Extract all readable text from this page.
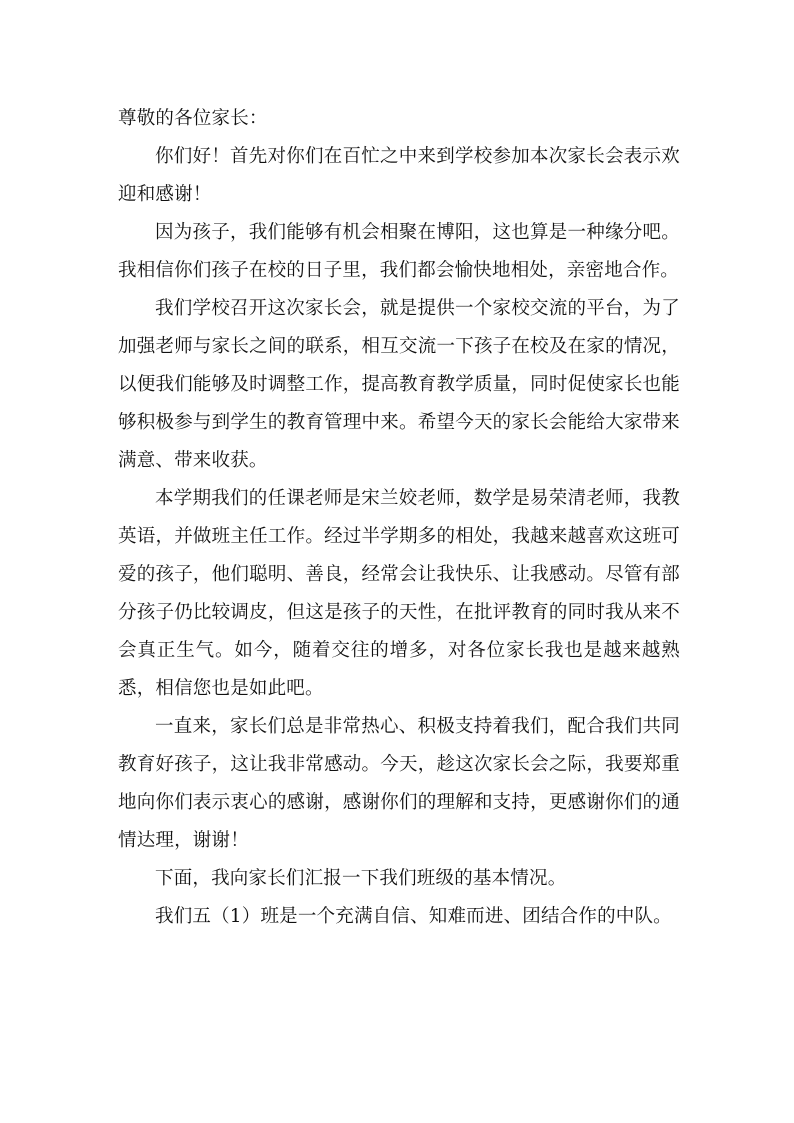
尊敬的各位家长：

你们好！首先对你们在百忙之中来到学校参加本次家长会表示欢迎和感谢！

因为孩子，我们能够有机会相聚在博阳，这也算是一种缘分吧。我相信你们孩子在校的日子里，我们都会愉快地相处，亲密地合作。

我们学校召开这次家长会，就是提供一个家校交流的平台，为了加强老师与家长之间的联系，相互交流一下孩子在校及在家的情况，以便我们能够及时调整工作，提高教育教学质量，同时促使家长也能够积极参与到学生的教育管理中来。希望今天的家长会能给大家带来满意、带来收获。

本学期我们的任课老师是宋兰姣老师，数学是易荣清老师，我教英语，并做班主任工作。经过半学期多的相处，我越来越喜欢这班可爱的孩子，他们聪明、善良，经常会让我快乐、让我感动。尽管有部分孩子仍比较调皮，但这是孩子的天性，在批评教育的同时我从来不会真正生气。如今，随着交往的增多，对各位家长我也是越来越熟悉，相信您也是如此吧。

一直来，家长们总是非常热心、积极支持着我们，配合我们共同教育好孩子，这让我非常感动。今天，趁这次家长会之际，我要郑重地向你们表示衷心的感谢，感谢你们的理解和支持，更感谢你们的通情达理，谢谢！

下面，我向家长们汇报一下我们班级的基本情况。

我们五（1）班是一个充满自信、知难而进、团结合作的中队。
